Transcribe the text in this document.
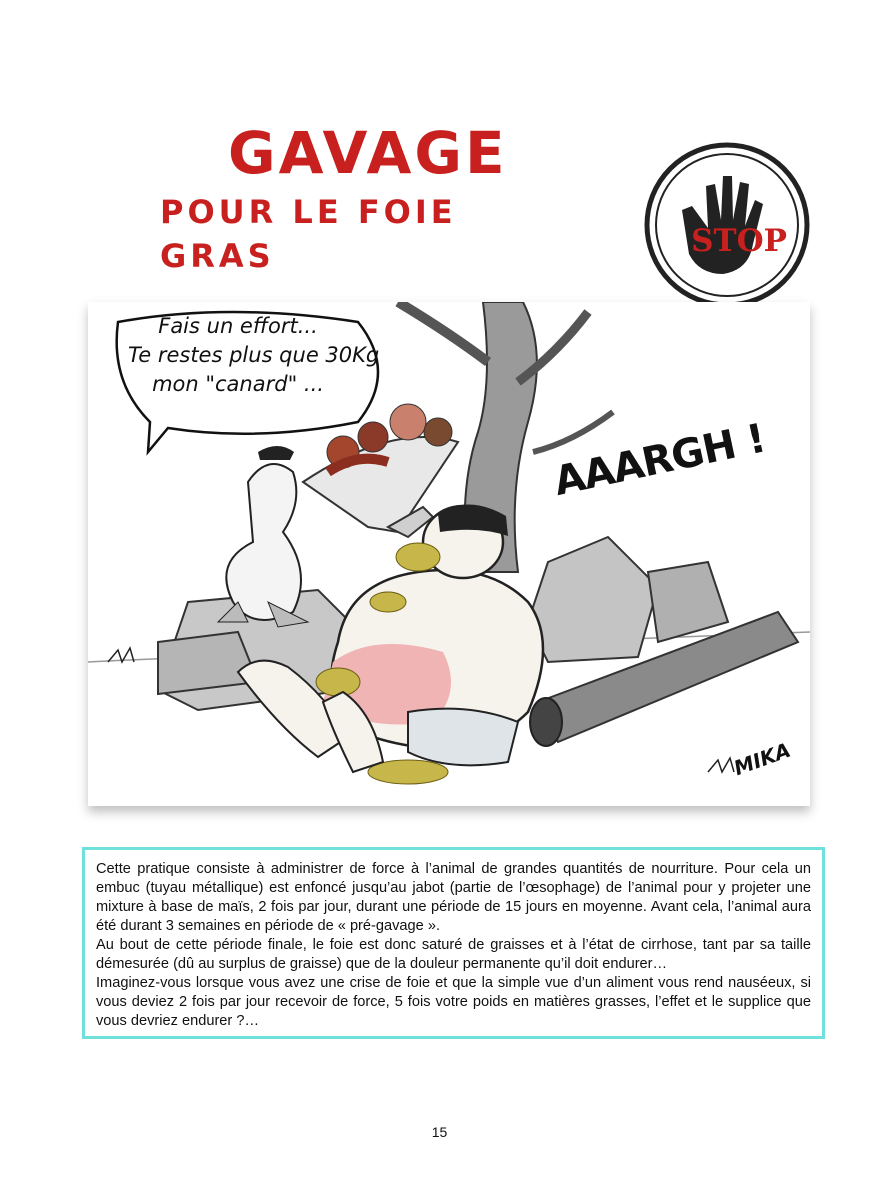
GAVAGE
POUR LE FOIE GRAS	STOP
Fais un effort...
Te restes plus que 30Kg
mon "canard" ...
AAARGH !
MIKA

Cette pratique consiste à administrer de force à l’animal de grandes quantités de nourriture. Pour cela un embuc (tuyau métallique) est enfoncé jusqu’au jabot (partie de l’œsophage) de l’animal pour y projeter une mixture à base de maïs, 2 fois par jour, durant une période de 15 jours en moyenne. Avant cela, l’animal aura été durant 3 semaines en période de « pré-gavage ».

Au bout de cette période finale, le foie est donc saturé de graisses et à l’état de cirrhose, tant par sa taille démesurée (dû au surplus de graisse) que de la douleur permanente qu’il doit endurer…

Imaginez-vous lorsque vous avez une crise de foie et que la simple vue d’un aliment vous rend nauséeux, si vous deviez 2 fois par jour recevoir de force, 5 fois votre poids en matières grasses, l’effet et le supplice que vous devriez endurer ?…

15
